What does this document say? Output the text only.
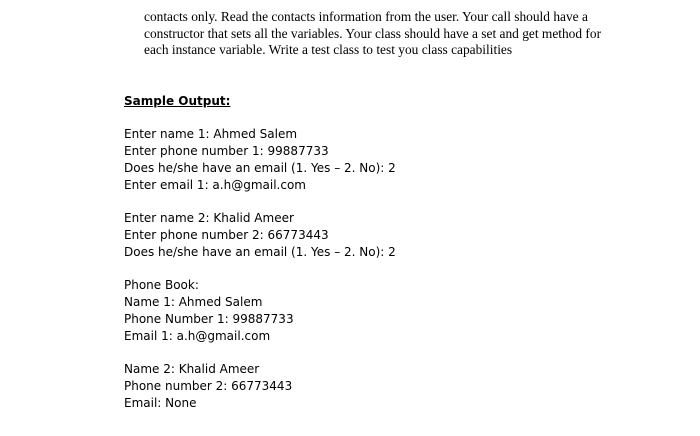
contacts only. Read the contacts information from the user. Your call should have a
constructor that sets all the variables. Your class should have a set and get method for
each instance variable. Write a test class to test you class capabilities
Sample Output:
Enter name 1: Ahmed Salem
Enter phone number 1: 99887733
Does he/she have an email (1. Yes – 2. No): 2
Enter email 1: a.h@gmail.com
Enter name 2: Khalid Ameer
Enter phone number 2: 66773443
Does he/she have an email (1. Yes – 2. No): 2
Phone Book:
Name 1: Ahmed Salem
Phone Number 1: 99887733
Email 1: a.h@gmail.com
Name 2: Khalid Ameer
Phone number 2: 66773443
Email: None
